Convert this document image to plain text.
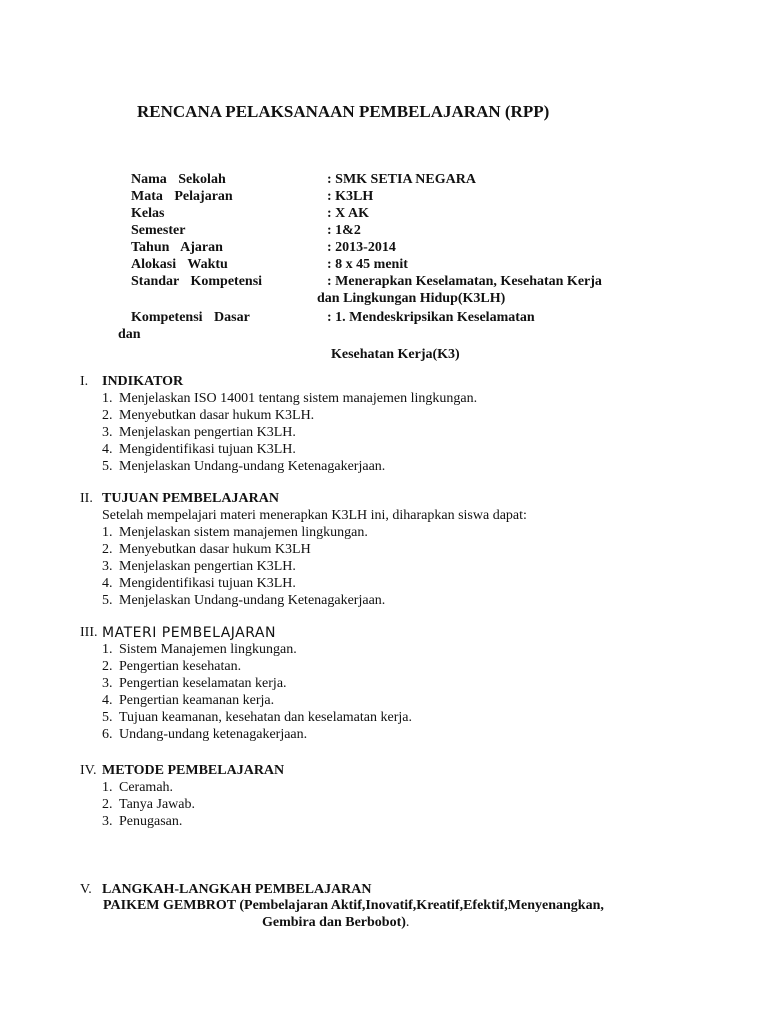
RENCANA PELAKSANAAN PEMBELAJARAN (RPP)
Nama Sekolah	: SMK SETIA NEGARA
Mata Pelajaran	: K3LH
Kelas	: X AK
Semester	: 1&2
Tahun Ajaran	: 2013-2014
Alokasi Waktu	: 8 x 45 menit
Standar Kompetensi	: Menerapkan Keselamatan, Kesehatan Kerja
dan Lingkungan Hidup(K3LH)
Kompetensi Dasar	: 1. Mendeskripsikan Keselamatan
dan
Kesehatan Kerja(K3)
I. INDIKATOR
1. Menjelaskan ISO 14001 tentang sistem manajemen lingkungan.
2. Menyebutkan dasar hukum K3LH.
3. Menjelaskan pengertian K3LH.
4. Mengidentifikasi tujuan K3LH.
5. Menjelaskan Undang-undang Ketenagakerjaan.
II. TUJUAN PEMBELAJARAN
Setelah mempelajari materi menerapkan K3LH ini, diharapkan siswa dapat:
1. Menjelaskan sistem manajemen lingkungan.
2. Menyebutkan dasar hukum K3LH
3. Menjelaskan pengertian K3LH.
4. Mengidentifikasi tujuan K3LH.
5. Menjelaskan Undang-undang Ketenagakerjaan.
III. MATERI PEMBELAJARAN
1. Sistem Manajemen lingkungan.
2. Pengertian kesehatan.
3. Pengertian keselamatan kerja.
4. Pengertian keamanan kerja.
5. Tujuan keamanan, kesehatan dan keselamatan kerja.
6. Undang-undang ketenagakerjaan.
IV. METODE PEMBELAJARAN
1. Ceramah.
2. Tanya Jawab.
3. Penugasan.
V. LANGKAH-LANGKAH PEMBELAJARAN
PAIKEM GEMBROT (Pembelajaran Aktif,Inovatif,Kreatif,Efektif,Menyenangkan,
Gembira dan Berbobot).
